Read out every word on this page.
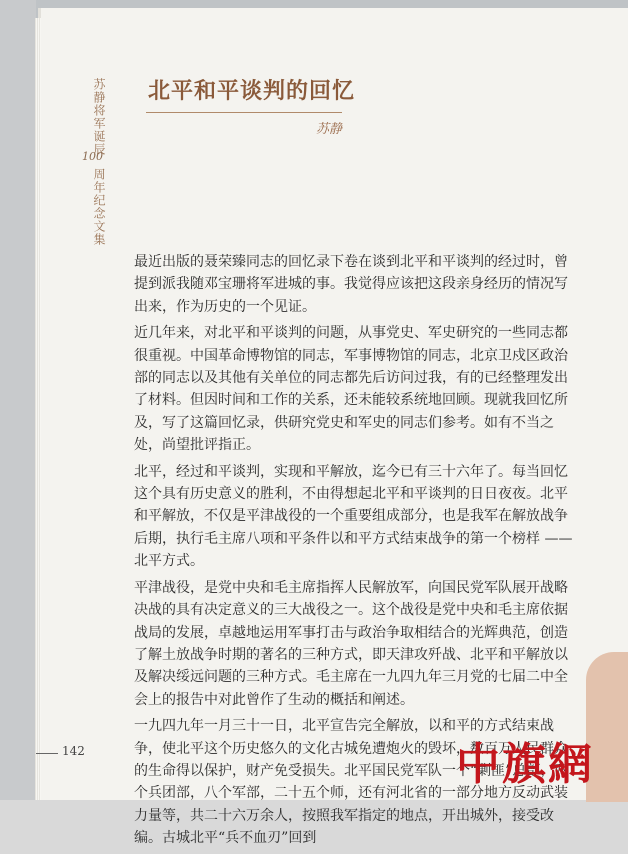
苏静将军诞辰
100
周年纪念文集
北平和平谈判的回忆
苏静

最近出版的聂荣臻同志的回忆录下卷在谈到北平和平谈判的经过时，曾提到派我随邓宝珊将军进城的事。我觉得应该把这段亲身经历的情况写出来，作为历史的一个见证。

近几年来，对北平和平谈判的问题，从事党史、军史研究的一些同志都很重视。中国革命博物馆的同志，军事博物馆的同志，北京卫戍区政治部的同志以及其他有关单位的同志都先后访问过我，有的已经整理发出了材料。但因时间和工作的关系，还未能较系统地回顾。现就我回忆所及，写了这篇回忆录，供研究党史和军史的同志们参考。如有不当之处，尚望批评指正。

北平，经过和平谈判，实现和平解放，迄今已有三十六年了。每当回忆这个具有历史意义的胜利，不由得想起北平和平谈判的日日夜夜。北平和平解放，不仅是平津战役的一个重要组成部分，也是我军在解放战争后期，执行毛主席八项和平条件以和平方式结束战争的第一个榜样 —— 北平方式。

平津战役，是党中央和毛主席指挥人民解放军，向国民党军队展开战略决战的具有决定意义的三大战役之一。这个战役是党中央和毛主席依据战局的发展，卓越地运用军事打击与政治争取相结合的光辉典范，创造了解土放战争时期的著名的三种方式，即天津攻歼战、北平和平解放以及解决绥远问题的三种方式。毛主席在一九四九年三月党的七届二中全会上的报告中对此曾作了生动的概括和阐述。

一九四九年一月三十一日，北平宣告完全解放，以和平的方式结束战争，使北平这个历史悠久的文化古城免遭炮火的毁坏，数百万人民群众的生命得以保护，财产免受损失。北平国民党军队一个“剿匪”总部，两个兵团部，八个军部，二十五个师，还有河北省的一部分地方反动武装力量等，共二十六万余人，按照我军指定的地点，开出城外，接受改编。古城北平“兵不血刃”回到

142	中旗網
